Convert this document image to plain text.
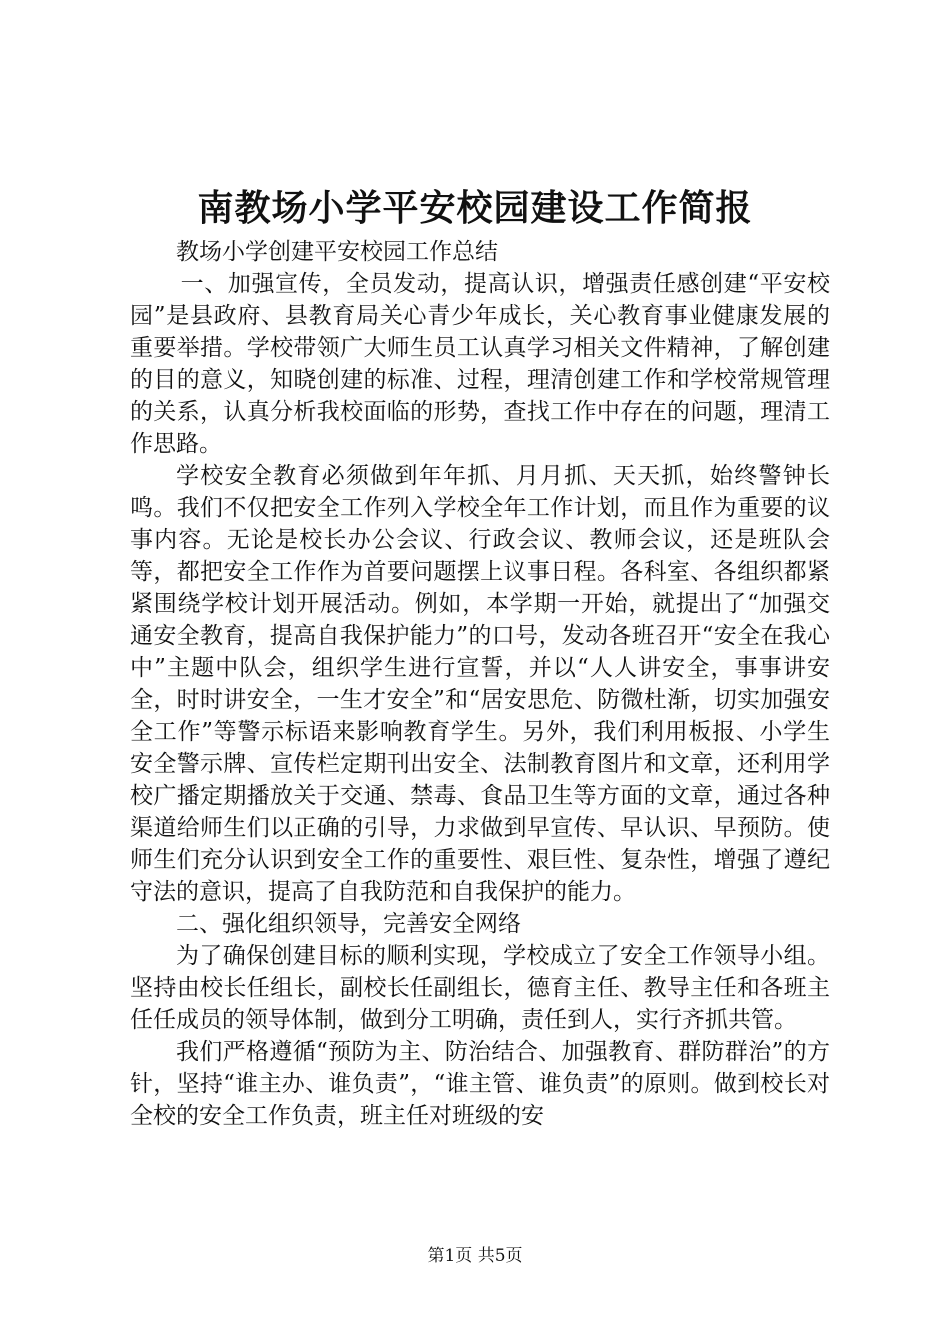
南教场小学平安校园建设工作简报

教场小学创建平安校园工作总结

一、加强宣传，全员发动，提高认识，增强责任感创建“平安校园”是县政府、县教育局关心青少年成长，关心教育事业健康发展的重要举措。学校带领广大师生员工认真学习相关文件精神，了解创建的目的意义，知晓创建的标准、过程，理清创建工作和学校常规管理的关系，认真分析我校面临的形势，查找工作中存在的问题，理清工作思路。

学校安全教育必须做到年年抓、月月抓、天天抓，始终警钟长鸣。我们不仅把安全工作列入学校全年工作计划，而且作为重要的议事内容。无论是校长办公会议、行政会议、教师会议，还是班队会等，都把安全工作作为首要问题摆上议事日程。各科室、各组织都紧紧围绕学校计划开展活动。例如，本学期一开始，就提出了“加强交通安全教育，提高自我保护能力”的口号，发动各班召开“安全在我心中”主题中队会，组织学生进行宣誓，并以“人人讲安全，事事讲安全，时时讲安全，一生才安全”和“居安思危、防微杜渐，切实加强安全工作”等警示标语来影响教育学生。另外，我们利用板报、小学生安全警示牌、宣传栏定期刊出安全、法制教育图片和文章，还利用学校广播定期播放关于交通、禁毒、食品卫生等方面的文章，通过各种渠道给师生们以正确的引导，力求做到早宣传、早认识、早预防。使师生们充分认识到安全工作的重要性、艰巨性、复杂性，增强了遵纪守法的意识，提高了自我防范和自我保护的能力。

二、强化组织领导，完善安全网络

为了确保创建目标的顺利实现，学校成立了安全工作领导小组。坚持由校长任组长，副校长任副组长，德育主任、教导主任和各班主任任成员的领导体制，做到分工明确，责任到人，实行齐抓共管。

我们严格遵循“预防为主、防治结合、加强教育、群防群治”的方针，坚持“谁主办、谁负责”，“谁主管、谁负责”的原则。做到校长对全校的安全工作负责，班主任对班级的安

第1页 共5页
